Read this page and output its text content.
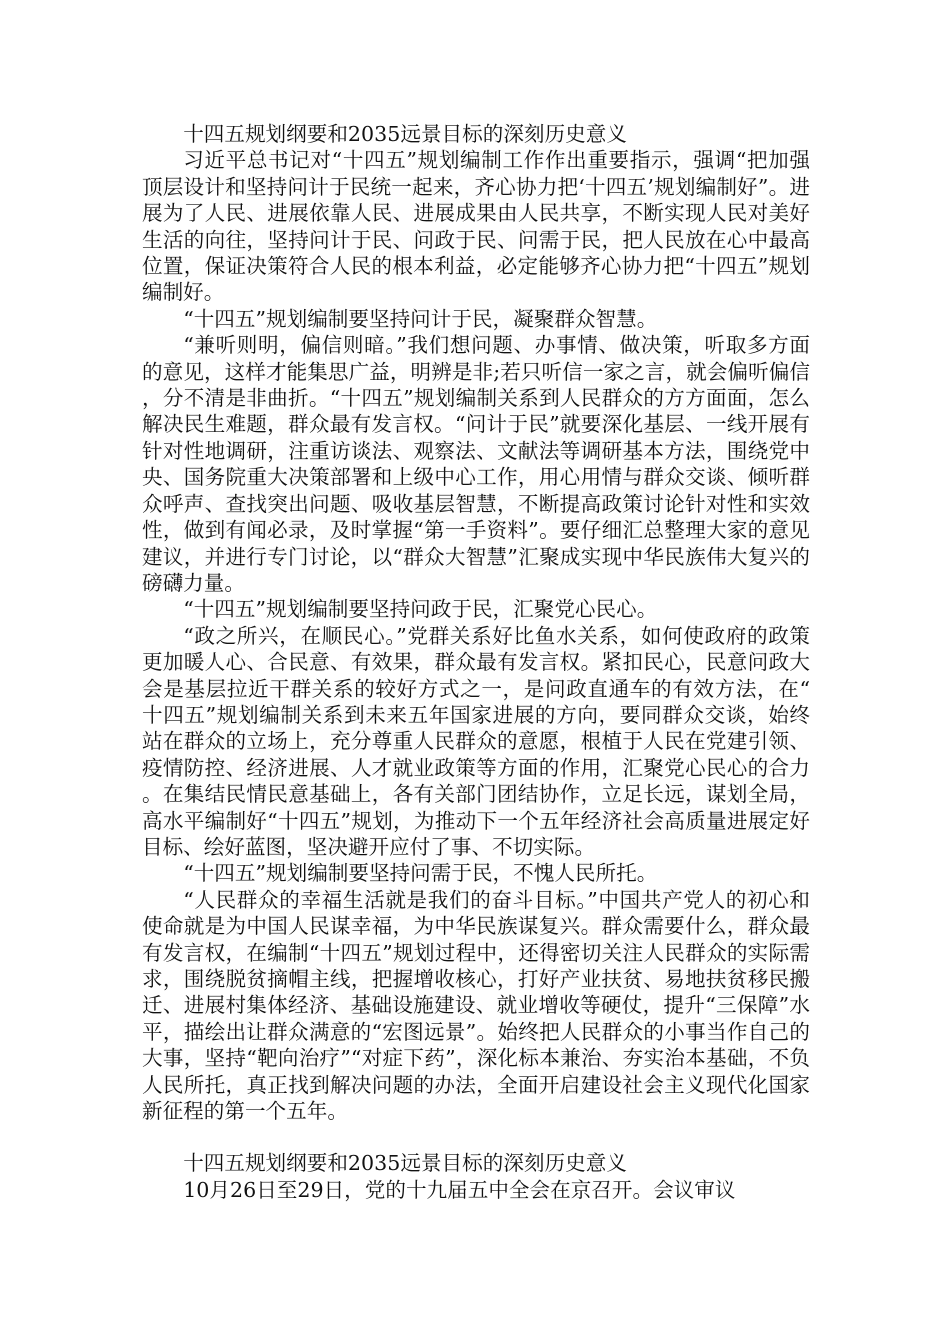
十四五规划纲要和2035远景目标的深刻历史意义

习近平总书记对“十四五”规划编制工作作出重要指示，强调“把加强顶层设计和坚持问计于民统一起来，齐心协力把‘十四五’规划编制好”。进展为了人民、进展依靠人民、进展成果由人民共享，不断实现人民对美好生活的向往，坚持问计于民、问政于民、问需于民，把人民放在心中最高位置，保证决策符合人民的根本利益，必定能够齐心协力把“十四五”规划编制好。

“十四五”规划编制要坚持问计于民，凝聚群众智慧。

“兼听则明，偏信则暗。”我们想问题、办事情、做决策，听取多方面的意见，这样才能集思广益，明辨是非;若只听信一家之言，就会偏听偏信，分不清是非曲折。“十四五”规划编制关系到人民群众的方方面面，怎么解决民生难题，群众最有发言权。“问计于民”就要深化基层、一线开展有针对性地调研，注重访谈法、观察法、文献法等调研基本方法，围绕党中央、国务院重大决策部署和上级中心工作，用心用情与群众交谈、倾听群众呼声、查找突出问题、吸收基层智慧，不断提高政策讨论针对性和实效性，做到有闻必录，及时掌握“第一手资料”。要仔细汇总整理大家的意见建议，并进行专门讨论，以“群众大智慧”汇聚成实现中华民族伟大复兴的磅礴力量。

“十四五”规划编制要坚持问政于民，汇聚党心民心。

“政之所兴，在顺民心。”党群关系好比鱼水关系，如何使政府的政策更加暖人心、合民意、有效果，群众最有发言权。紧扣民心，民意问政大会是基层拉近干群关系的较好方式之一，是问政直通车的有效方法，在“十四五”规划编制关系到未来五年国家进展的方向，要同群众交谈，始终站在群众的立场上，充分尊重人民群众的意愿，根植于人民在党建引领、疫情防控、经济进展、人才就业政策等方面的作用，汇聚党心民心的合力。在集结民情民意基础上，各有关部门团结协作，立足长远，谋划全局，高水平编制好“十四五”规划，为推动下一个五年经济社会高质量进展定好目标、绘好蓝图，坚决避开应付了事、不切实际。

“十四五”规划编制要坚持问需于民，不愧人民所托。

“人民群众的幸福生活就是我们的奋斗目标。”中国共产党人的初心和使命就是为中国人民谋幸福，为中华民族谋复兴。群众需要什么，群众最有发言权，在编制“十四五”规划过程中，还得密切关注人民群众的实际需求，围绕脱贫摘帽主线，把握增收核心，打好产业扶贫、易地扶贫移民搬迁、进展村集体经济、基础设施建设、就业增收等硬仗，提升“三保障”水平，描绘出让群众满意的“宏图远景”。始终把人民群众的小事当作自己的大事，坚持“靶向治疗”“对症下药”，深化标本兼治、夯实治本基础，不负人民所托，真正找到解决问题的办法，全面开启建设社会主义现代化国家新征程的第一个五年。

十四五规划纲要和2035远景目标的深刻历史意义

10月26日至29日，党的十九届五中全会在京召开。会议审议
